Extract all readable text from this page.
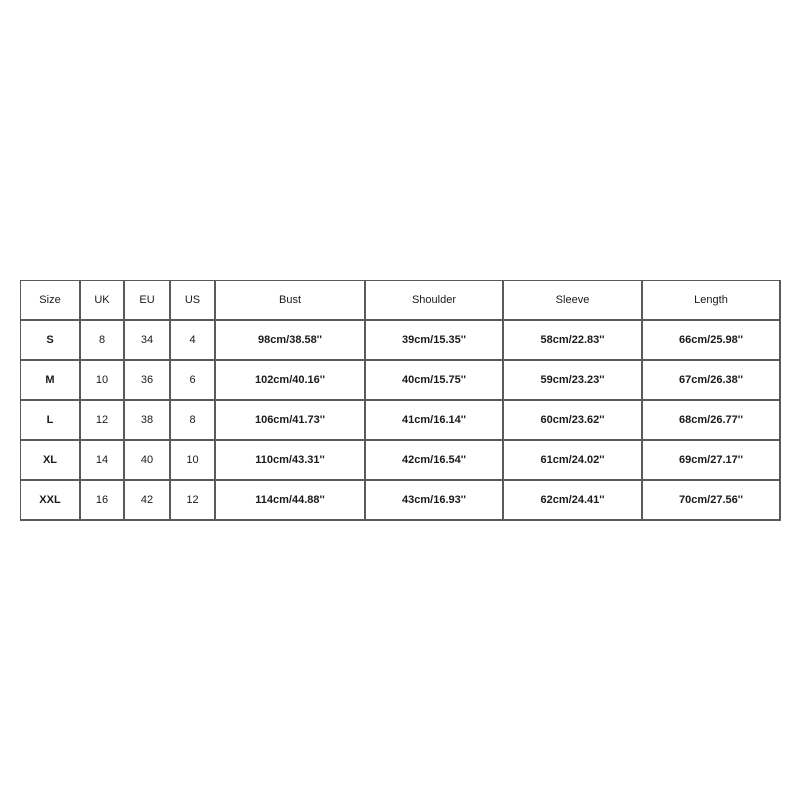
Size	UK	EU	US	Bust	Shoulder	Sleeve	Length
S	8	34	4	98cm/38.58''	39cm/15.35''	58cm/22.83''	66cm/25.98''
M	10	36	6	102cm/40.16''	40cm/15.75''	59cm/23.23''	67cm/26.38''
L	12	38	8	106cm/41.73''	41cm/16.14''	60cm/23.62''	68cm/26.77''
XL	14	40	10	110cm/43.31''	42cm/16.54''	61cm/24.02''	69cm/27.17''
XXL	16	42	12	114cm/44.88''	43cm/16.93''	62cm/24.41''	70cm/27.56''
